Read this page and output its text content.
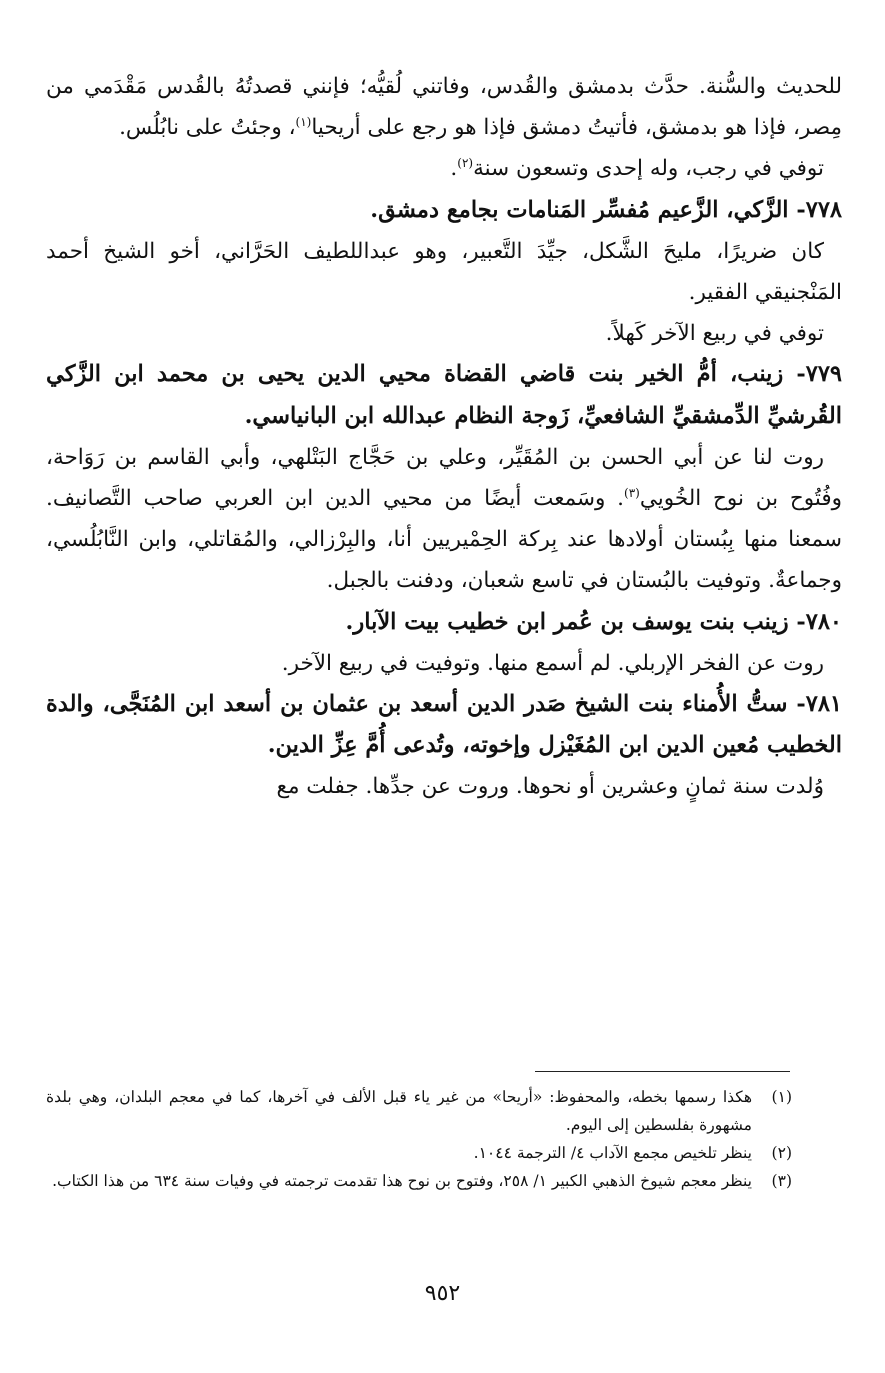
للحديث والسُّنة. حدَّث بدمشق والقُدس، وفاتني لُقيُّه؛ فإنني قصدتُهُ بالقُدس مَقْدَمي من مِصر، فإذا هو بدمشق، فأتيتُ دمشق فإذا هو رجع على أريحيا$^{(١)}$، وجئتُ على نابُلُس.

توفي في رجب، وله إحدى وتسعون سنة$^{(٢)}$.

٧٧٨- الزَّكي، الزَّعيم مُفسِّر المَنامات بجامع دمشق.

كان ضريرًا، مليحَ الشَّكل، جيِّدَ التَّعبير، وهو عبداللطيف الحَرَّاني، أخو الشيخ أحمد المَنْجنيقي الفقير.

توفي في ربيع الآخر كَهلاً.

٧٧٩- زينب، أمُّ الخير بنت قاضي القضاة محيي الدين يحيى بن محمد ابن الزَّكي القُرشيِّ الدِّمشقيِّ الشافعيِّ، زَوجة النظام عبدالله ابن البانياسي.

روت لنا عن أبي الحسن بن المُقَيِّر، وعلي بن حَجَّاج البَتْلهي، وأبي القاسم بن رَوَاحة، وفُتُوح بن نوح الخُويي$^{(٣)}$. وسَمعت أيضًا من محيي الدين ابن العربي صاحب التَّصانيف. سمعنا منها بِبُستان أولادها عند بِركة الحِمْيريين أنا، والبِرْزالي، والمُقاتلي، وابن النَّابُلُسي، وجماعةٌ. وتوفيت بالبُستان في تاسع شعبان، ودفنت بالجبل.

٧٨٠- زينب بنت يوسف بن عُمر ابن خطيب بيت الآبار.

روت عن الفخر الإربلي. لم أسمع منها. وتوفيت في ربيع الآخر.

٧٨١- ستُّ الأُمناء بنت الشيخ صَدر الدين أسعد بن عثمان بن أسعد ابن المُنَجَّى، والدة الخطيب مُعين الدين ابن المُغَيْزل وإخوته، وتُدعى أُمَّ عِزِّ الدين.

وُلدت سنة ثمانٍ وعشرين أو نحوها. وروت عن جدِّها. جفلت مع

(١)
هكذا رسمها بخطه، والمحفوظ: «أريحا» من غير ياء قبل الألف في آخرها، كما في معجم البلدان، وهي بلدة مشهورة بفلسطين إلى اليوم.
(٢)
ينظر تلخيص مجمع الآداب ٤/ الترجمة ١٠٤٤.
(٣)
ينظر معجم شيوخ الذهبي الكبير ١/ ٢٥٨، وفتوح بن نوح هذا تقدمت ترجمته في وفيات سنة ٦٣٤ من هذا الكتاب.
٩٥٢
